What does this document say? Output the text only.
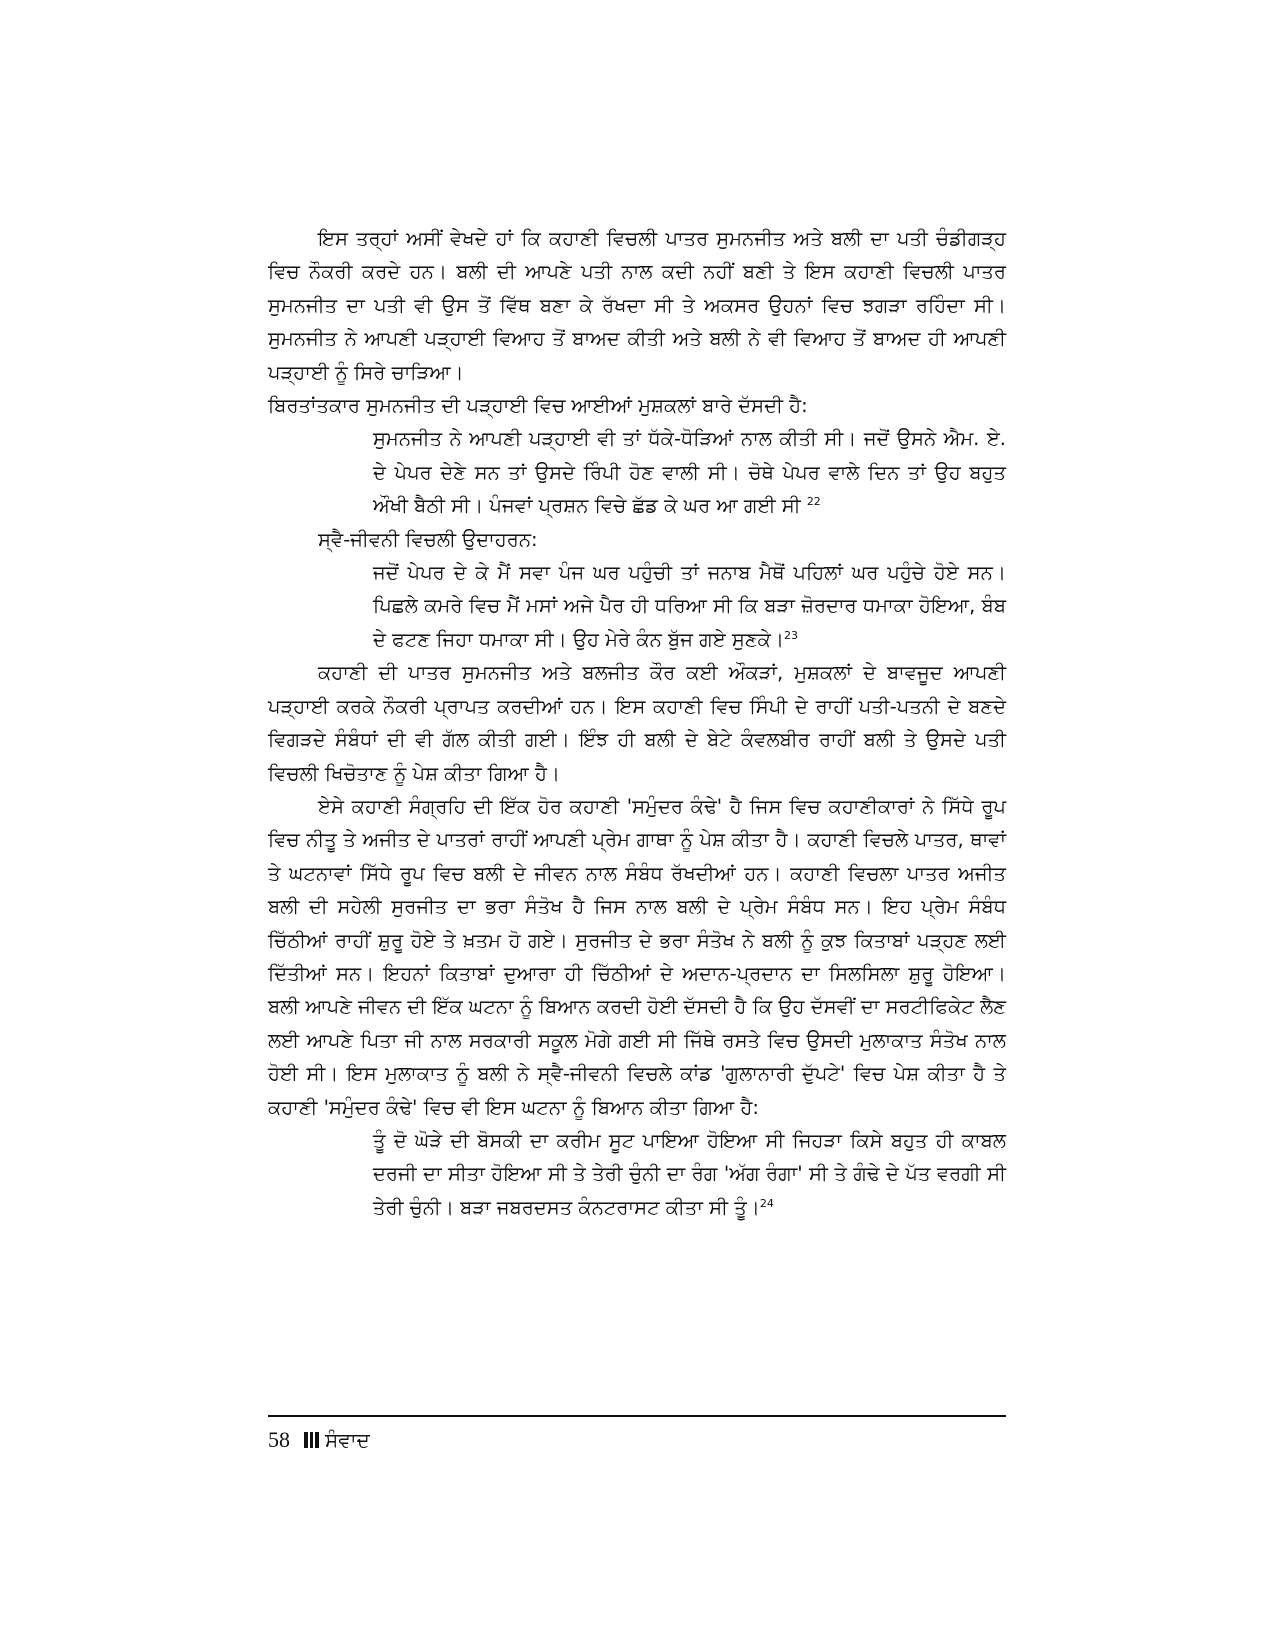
ਇਸ ਤਰ੍ਹਾਂ ਅਸੀਂ ਵੇਖਦੇ ਹਾਂ ਕਿ ਕਹਾਣੀ ਵਿਚਲੀ ਪਾਤਰ ਸੁਮਨਜੀਤ ਅਤੇ ਬਲੀ ਦਾ ਪਤੀ ਚੰਡੀਗੜ੍ਹ ਵਿਚ ਨੌਕਰੀ ਕਰਦੇ ਹਨ। ਬਲੀ ਦੀ ਆਪਣੇ ਪਤੀ ਨਾਲ ਕਦੀ ਨਹੀਂ ਬਣੀ ਤੇ ਇਸ ਕਹਾਣੀ ਵਿਚਲੀ ਪਾਤਰ ਸੁਮਨਜੀਤ ਦਾ ਪਤੀ ਵੀ ਉਸ ਤੋਂ ਵਿੱਥ ਬਣਾ ਕੇ ਰੱਖਦਾ ਸੀ ਤੇ ਅਕਸਰ ਉਹਨਾਂ ਵਿਚ ਝਗੜਾ ਰਹਿੰਦਾ ਸੀ। ਸੁਮਨਜੀਤ ਨੇ ਆਪਣੀ ਪੜ੍ਹਾਈ ਵਿਆਹ ਤੋਂ ਬਾਅਦ ਕੀਤੀ ਅਤੇ ਬਲੀ ਨੇ ਵੀ ਵਿਆਹ ਤੋਂ ਬਾਅਦ ਹੀ ਆਪਣੀ ਪੜ੍ਹਾਈ ਨੂੰ ਸਿਰੇ ਚਾੜਿਆ।

ਬਿਰਤਾਂਤਕਾਰ ਸੁਮਨਜੀਤ ਦੀ ਪੜ੍ਹਾਈ ਵਿਚ ਆਈਆਂ ਮੁਸ਼ਕਲਾਂ ਬਾਰੇ ਦੱਸਦੀ ਹੈ:

ਸੁਮਨਜੀਤ ਨੇ ਆਪਣੀ ਪੜ੍ਹਾਈ ਵੀ ਤਾਂ ਧੱਕੇ-ਧੋੜਿਆਂ ਨਾਲ ਕੀਤੀ ਸੀ। ਜਦੋਂ ਉਸਨੇ ਐਮ. ਏ. ਦੇ ਪੇਪਰ ਦੇਣੇ ਸਨ ਤਾਂ ਉਸਦੇ ਰਿੰਪੀ ਹੋਣ ਵਾਲੀ ਸੀ। ਚੋਥੇ ਪੇਪਰ ਵਾਲੇ ਦਿਨ ਤਾਂ ਉਹ ਬਹੁਤ ਔਖੀ ਬੈਠੀ ਸੀ। ਪੰਜਵਾਂ ਪ੍ਰਸ਼ਨ ਵਿਚੇ ਛੱਡ ਕੇ ਘਰ ਆ ਗਈ ਸੀ $^{22}$

ਸ੍ਵੈ-ਜੀਵਨੀ ਵਿਚਲੀ ਉਦਾਹਰਨ:

ਜਦੋਂ ਪੇਪਰ ਦੇ ਕੇ ਮੈਂ ਸਵਾ ਪੰਜ ਘਰ ਪਹੁੰਚੀ ਤਾਂ ਜਨਾਬ ਮੈਥੋਂ ਪਹਿਲਾਂ ਘਰ ਪਹੁੰਚੇ ਹੋਏ ਸਨ। ਪਿਛਲੇ ਕਮਰੇ ਵਿਚ ਮੈਂ ਮਸਾਂ ਅਜੇ ਪੈਰ ਹੀ ਧਰਿਆ ਸੀ ਕਿ ਬੜਾ ਜ਼ੋਰਦਾਰ ਧਮਾਕਾ ਹੋਇਆ, ਬੰਬ ਦੇ ਫਟਣ ਜਿਹਾ ਧਮਾਕਾ ਸੀ। ਉਹ ਮੇਰੇ ਕੰਨ ਬੁੱਜ ਗਏ ਸੁਣਕੇ।$^{23}$

ਕਹਾਣੀ ਦੀ ਪਾਤਰ ਸੁਮਨਜੀਤ ਅਤੇ ਬਲਜੀਤ ਕੌਰ ਕਈ ਔਕੜਾਂ, ਮੁਸ਼ਕਲਾਂ ਦੇ ਬਾਵਜੂਦ ਆਪਣੀ ਪੜ੍ਹਾਈ ਕਰਕੇ ਨੌਕਰੀ ਪ੍ਰਾਪਤ ਕਰਦੀਆਂ ਹਨ। ਇਸ ਕਹਾਣੀ ਵਿਚ ਸਿੰਪੀ ਦੇ ਰਾਹੀਂ ਪਤੀ-ਪਤਨੀ ਦੇ ਬਣਦੇ ਵਿਗੜਦੇ ਸੰਬੰਧਾਂ ਦੀ ਵੀ ਗੱਲ ਕੀਤੀ ਗਈ। ਇੰਝ ਹੀ ਬਲੀ ਦੇ ਬੇਟੇ ਕੰਵਲਬੀਰ ਰਾਹੀਂ ਬਲੀ ਤੇ ਉਸਦੇ ਪਤੀ ਵਿਚਲੀ ਖਿਚੋਤਾਣ ਨੂੰ ਪੇਸ਼ ਕੀਤਾ ਗਿਆ ਹੈ।

ਏਸੇ ਕਹਾਣੀ ਸੰਗ੍ਰਹਿ ਦੀ ਇੱਕ ਹੋਰ ਕਹਾਣੀ 'ਸਮੁੰਦਰ ਕੰਢੇ' ਹੈ ਜਿਸ ਵਿਚ ਕਹਾਣੀਕਾਰਾਂ ਨੇ ਸਿੱਧੇ ਰੂਪ ਵਿਚ ਨੀਤੂ ਤੇ ਅਜੀਤ ਦੇ ਪਾਤਰਾਂ ਰਾਹੀਂ ਆਪਣੀ ਪ੍ਰੇਮ ਗਾਥਾ ਨੂੰ ਪੇਸ਼ ਕੀਤਾ ਹੈ। ਕਹਾਣੀ ਵਿਚਲੇ ਪਾਤਰ, ਥਾਵਾਂ ਤੇ ਘਟਨਾਵਾਂ ਸਿੱਧੇ ਰੂਪ ਵਿਚ ਬਲੀ ਦੇ ਜੀਵਨ ਨਾਲ ਸੰਬੰਧ ਰੱਖਦੀਆਂ ਹਨ। ਕਹਾਣੀ ਵਿਚਲਾ ਪਾਤਰ ਅਜੀਤ ਬਲੀ ਦੀ ਸਹੇਲੀ ਸੁਰਜੀਤ ਦਾ ਭਰਾ ਸੰਤੋਖ ਹੈ ਜਿਸ ਨਾਲ ਬਲੀ ਦੇ ਪ੍ਰੇਮ ਸੰਬੰਧ ਸਨ। ਇਹ ਪ੍ਰੇਮ ਸੰਬੰਧ ਚਿੱਠੀਆਂ ਰਾਹੀਂ ਸ਼ੁਰੂ ਹੋਏ ਤੇ ਖ਼ਤਮ ਹੋ ਗਏ। ਸੁਰਜੀਤ ਦੇ ਭਰਾ ਸੰਤੋਖ ਨੇ ਬਲੀ ਨੂੰ ਕੁਝ ਕਿਤਾਬਾਂ ਪੜ੍ਹਣ ਲਈ ਦਿੱਤੀਆਂ ਸਨ। ਇਹਨਾਂ ਕਿਤਾਬਾਂ ਦੁਆਰਾ ਹੀ ਚਿੱਠੀਆਂ ਦੇ ਅਦਾਨ-ਪ੍ਰਦਾਨ ਦਾ ਸਿਲਸਿਲਾ ਸ਼ੁਰੂ ਹੋਇਆ। ਬਲੀ ਆਪਣੇ ਜੀਵਨ ਦੀ ਇੱਕ ਘਟਨਾ ਨੂੰ ਬਿਆਨ ਕਰਦੀ ਹੋਈ ਦੱਸਦੀ ਹੈ ਕਿ ਉਹ ਦੱਸਵੀਂ ਦਾ ਸਰਟੀਫਿਕੇਟ ਲੈਣ ਲਈ ਆਪਣੇ ਪਿਤਾ ਜੀ ਨਾਲ ਸਰਕਾਰੀ ਸਕੂਲ ਮੋਗੇ ਗਈ ਸੀ ਜਿੱਥੇ ਰਸਤੇ ਵਿਚ ਉਸਦੀ ਮੁਲਾਕਾਤ ਸੰਤੋਖ ਨਾਲ ਹੋਈ ਸੀ। ਇਸ ਮੁਲਾਕਾਤ ਨੂੰ ਬਲੀ ਨੇ ਸ੍ਵੈ-ਜੀਵਨੀ ਵਿਚਲੇ ਕਾਂਡ 'ਗੁਲਾਨਾਰੀ ਦੁੱਪਟੇ' ਵਿਚ ਪੇਸ਼ ਕੀਤਾ ਹੈ ਤੇ ਕਹਾਣੀ 'ਸਮੁੰਦਰ ਕੰਢੇ' ਵਿਚ ਵੀ ਇਸ ਘਟਨਾ ਨੂੰ ਬਿਆਨ ਕੀਤਾ ਗਿਆ ਹੈ:

ਤੂੰ ਦੋ ਘੋੜੇ ਦੀ ਬੋਸਕੀ ਦਾ ਕਰੀਮ ਸੂਟ ਪਾਇਆ ਹੋਇਆ ਸੀ ਜਿਹੜਾ ਕਿਸੇ ਬਹੁਤ ਹੀ ਕਾਬਲ ਦਰਜੀ ਦਾ ਸੀਤਾ ਹੋਇਆ ਸੀ ਤੇ ਤੇਰੀ ਚੁੰਨੀ ਦਾ ਰੰਗ 'ਅੱਗ ਰੰਗਾ' ਸੀ ਤੇ ਗੰਢੇ ਦੇ ਪੱਤ ਵਰਗੀ ਸੀ ਤੇਰੀ ਚੁੰਨੀ। ਬੜਾ ਜਬਰਦਸਤ ਕੰਨਟਰਾਸਟ ਕੀਤਾ ਸੀ ਤੂੰ।$^{24}$

58 ਸੰਵਾਦ
